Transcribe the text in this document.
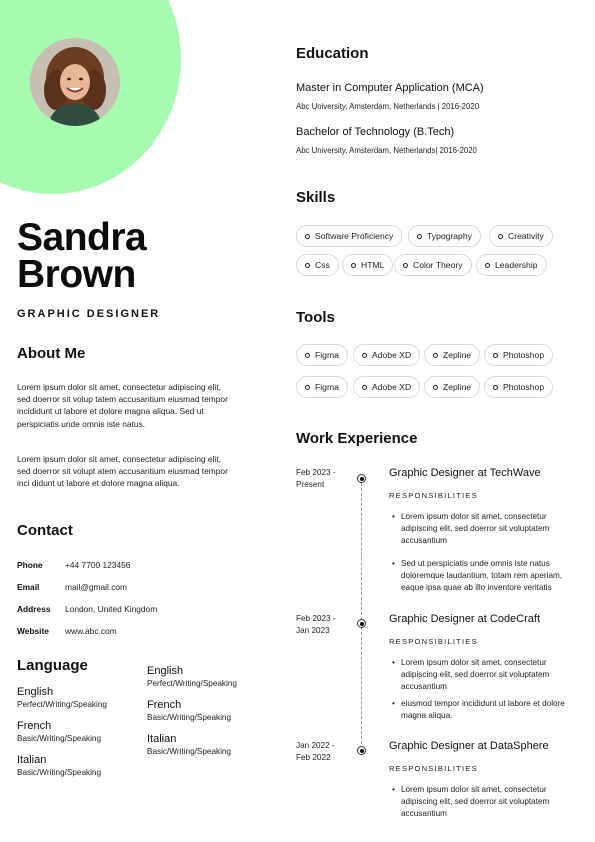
Sandra
Brown
GRAPHIC DESIGNER
About Me

Lorem ipsum dolor sit amet, consectetur adipiscing elit, sed doerror sit volup tatem accusantium eiusmad tempor incididunt ut labore et dolore magna aliqua. Sed ut perspiciatis unde omnis iste natus.

Lorem ipsum dolor sit amet, consectetur adipiscing elit, sed doerror sit volupt atem accusantium eiusmad tempor inci didunt ut labore et dolore magna aliqua.

Contact
Phone	+44 7700 123456
Email	mail@gmail.com
Address London, United Kingdom
Website www.abc.com
Language
English
Perfect/Writing/Speaking
French
Basic/Writing/Speaking
Italian
Basic/Writing/Speaking
English
Perfect/Writing/Speaking
French
Basic/Writing/Speaking
Italian
Basic/Writing/Speaking
Education
Master in Computer Application (MCA)
Abc University, Amsterdam, Netherlands | 2016-2020
Bachelor of Technology (B.Tech)
Abc University, Amsterdam, Netherlands| 2016-2020
Skills
Software Proficiency	Typography	Creativity
Css	HTML	Color Theory	Leadership
Tools
Figma	Adobe XD	Zepline	Photoshop
Figma	Adobe XD	Zepline	Photoshop
Work Experience
Feb 2023 -
Present
Graphic Designer at TechWave
RESPONSIBILITIES
• Lorem ipsum dolor sit amet, consectetur adipiscing elit, sed doerror sit voluptatem accusantium
• Sed ut perspiciatis unde omnis iste natus doloremque laudantium, totam rem aperiam, eaque ipsa quae ab illo inventore veritatis
Feb 2023 -
Jan 2023
Graphic Designer at CodeCraft
RESPONSIBILITIES
• Lorem ipsum dolor sit amet, consectetur adipiscing elit, sed doerror sit voluptatem accusantium
• eiusmod tempor incididunt ut labore et dolore magna aliqua.
Jan 2022 -
Feb 2022
Graphic Designer at DataSphere
RESPONSIBILITIES
• Lorem ipsum dolor sit amet, consectetur adipiscing elit, sed doerror sit voluptatem accusantium
